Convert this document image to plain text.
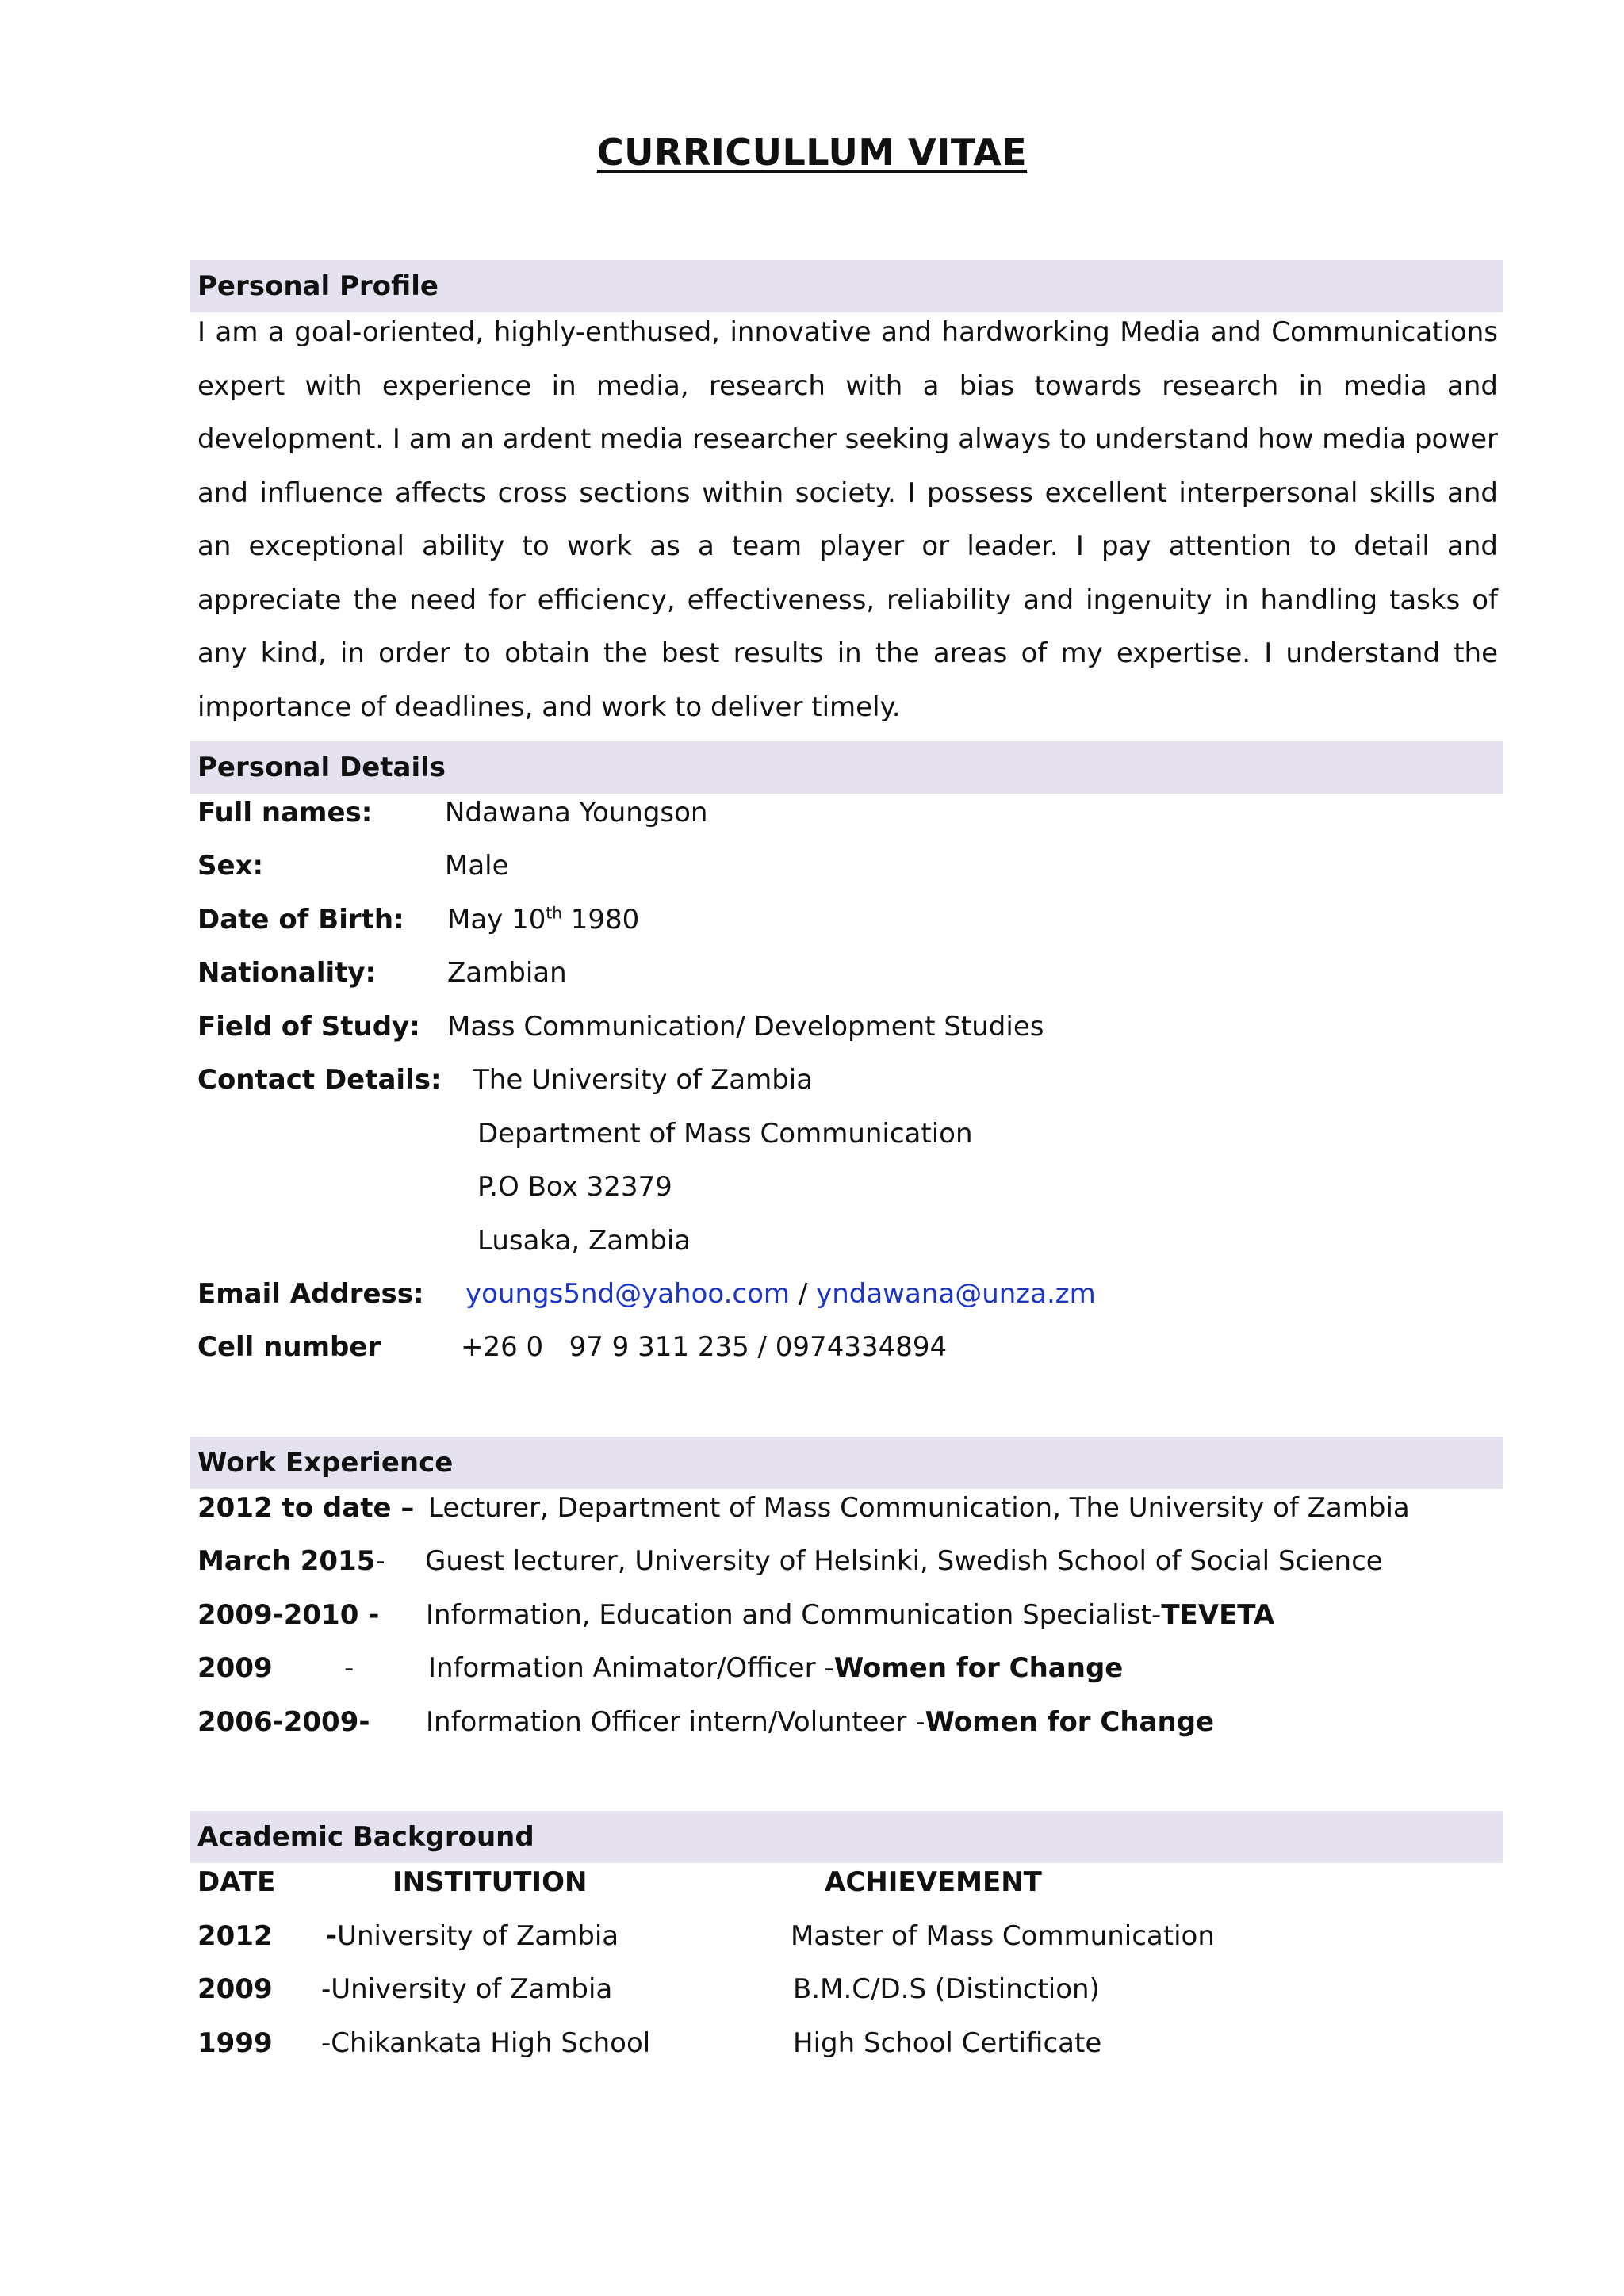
CURRICULLUM VITAE
Personal Profile

I am a goal-oriented, highly-enthused, innovative and hardworking Media and Communications expert with experience in media, research with a bias towards research in media and development. I am an ardent media researcher seeking always to understand how media power and influence affects cross sections within society. I possess excellent interpersonal skills and an exceptional ability to work as a team player or leader. I pay attention to detail and appreciate the need for efficiency, effectiveness, reliability and ingenuity in handling tasks of any kind, in order to obtain the best results in the areas of my expertise. I understand the importance of deadlines, and work to deliver timely.

Personal Details
Full names:	Ndawana Youngson
Sex:	Male
Date of Birth: May 10th 1980
Nationality:	Zambian
Field of Study: Mass Communication/ Development Studies
Contact Details: The University of Zambia
Department of Mass Communication
P.O Box 32379
Lusaka, Zambia
Email Address: youngs5nd@yahoo.com / yndawana@unza.zm
Cell number	+26 0   97 9 311 235 / 0974334894
Work Experience
2012 to date – Lecturer, Department of Mass Communication, The University of Zambia
March 2015- Guest lecturer, University of Helsinki, Swedish School of Social Science
2009-2010 - Information, Education and Communication Specialist-TEVETA
2009	-	Information Animator/Officer -Women for Change
2006-2009- Information Officer intern/Volunteer -Women for Change
Academic Background
DATE	INSTITUTION	ACHIEVEMENT
2012 -University of Zambia	Master of Mass Communication
2009 -University of Zambia	B.M.C/D.S (Distinction)
1999 -Chikankata High School	High School Certificate
